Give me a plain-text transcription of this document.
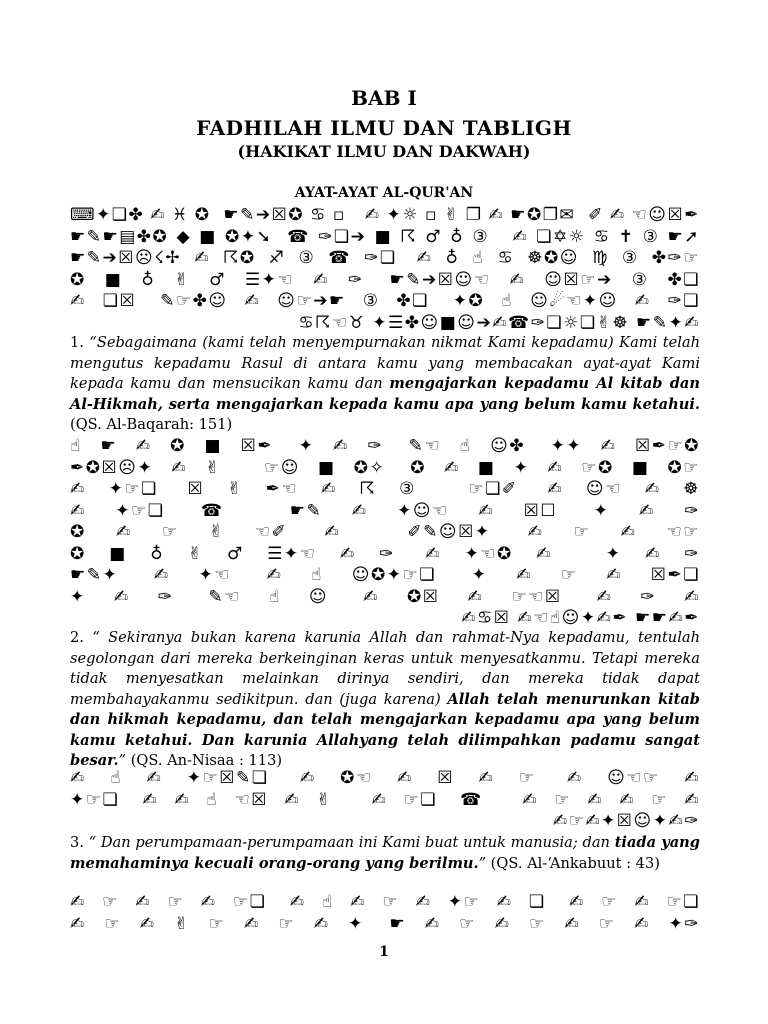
BAB I
FADHILAH ILMU DAN TABLIGH
(HAKIKAT ILMU DAN DAKWAH)
AYAT-AYAT AL-QUR'AN
⌨✦❏✤✍♓✪ ☛✎➔☒✪♋▫ ✍✦☼▫✌❐✍☛✪❐✉ ✐✍☜☺☒✒
☛✎☛▤✤✪◆■✪✦➘ ☎✑❏➔■☈♂♁③ ✍❏✡☼♋✝③☛➚
☛✎➔☒☹☇✢✍☈✪♐③☎✑❏ ✍♁☝♋☸✪☺♍③✤✑☞
✪■♁✌♂☰✦☜✍✑ ☛✎➔☒☺☜✍☺☒☞➔③✤❏
✍❏☒ ✎☞✤☺✍☺☞➔☛③✤❏ ✦✪☝☺☄☜✦☺✍✑❏
♋☈☜♉ ✦☰✤☺■☺➔✍☎✑❏☼❏✌☸ ☛✎✦✍
1. “Sebagaimana (kami telah menyempurnakan nikmat Kami kepadamu) Kami telah mengutus kepadamu Rasul di antara kamu yang membacakan ayat-ayat Kami kepada kamu dan mensucikan kamu dan mengajarkan kepadamu Al kitab dan Al-Hikmah, serta mengajarkan kepada kamu apa yang belum kamu ketahui. (QS. Al-Baqarah: 151)
☝☛✍✪■☒✒ ✦✍✑ ✎☜☝☺✤ ✦✦✍☒✒☞✪
✒✪☒☹✦✍✌ ☞☺■✪✧ ✪✍■✦✍☞✪■✪☞
✍✦☞❏ ☒✌✒☜✍☈③ ☞❏✐ ✍☺☜✍☸
✍✦☞❏ ☎ ☛✎✍✦☺☜✍☒☐ ✦✍✑
✪✍☞✌☜✐ ✍ ✐✎☺☒✦ ✍☞✍☜☞
✪■♁✌♂☰✦☜✍✑ ✍✦☜✪✍ ✦✍✑
☛✎✦ ✍✦☜ ✍☝☺✪✦☞❏ ✦✍☞✍☒✒❏
✦✍✑ ✎☜☝☺ ✍✪☒✍☞☜☒ ✍✑✍
✍♋☒ ✍☜☝☺✦✍✒ ☛☛✍✒
2. “ Sekiranya bukan karena karunia Allah dan rahmat-Nya kepadamu, tentulah segolongan dari mereka berkeinginan keras untuk menyesatkanmu. Tetapi mereka tidak menyesatkan melainkan dirinya sendiri, dan mereka tidak dapat membahayakanmu sedikitpun. dan (juga karena) Allah telah menurunkan kitab dan hikmah kepadamu, dan telah mengajarkan kepadamu apa yang belum kamu ketahui. Dan karunia Allahyang telah dilimpahkan padamu sangat besar.” (QS. An-Nisaa : 113)
✍☝✍✦☞☒✎❏ ✍✪☜✍☒✍☞ ✍☺☜☞✍
✦☞❏ ✍✍☝☜☒✍✌ ✍☞❏ ☎ ✍☞✍✍☞✍
✍☞✍✦☒☺✦✍✑
3. “ Dan perumpamaan-perumpamaan ini Kami buat untuk manusia; dan tiada yang memahaminya kecuali orang-orang yang berilmu.” (QS. Al-‘Ankabuut : 43)
✍☞✍☞✍☞❏ ✍☝✍☞✍✦☞✍❏ ✍☞✍☞❏
✍☞✍✌☞✍☞✍✦ ☛✍☞✍☞✍☞✍✦✑
1
